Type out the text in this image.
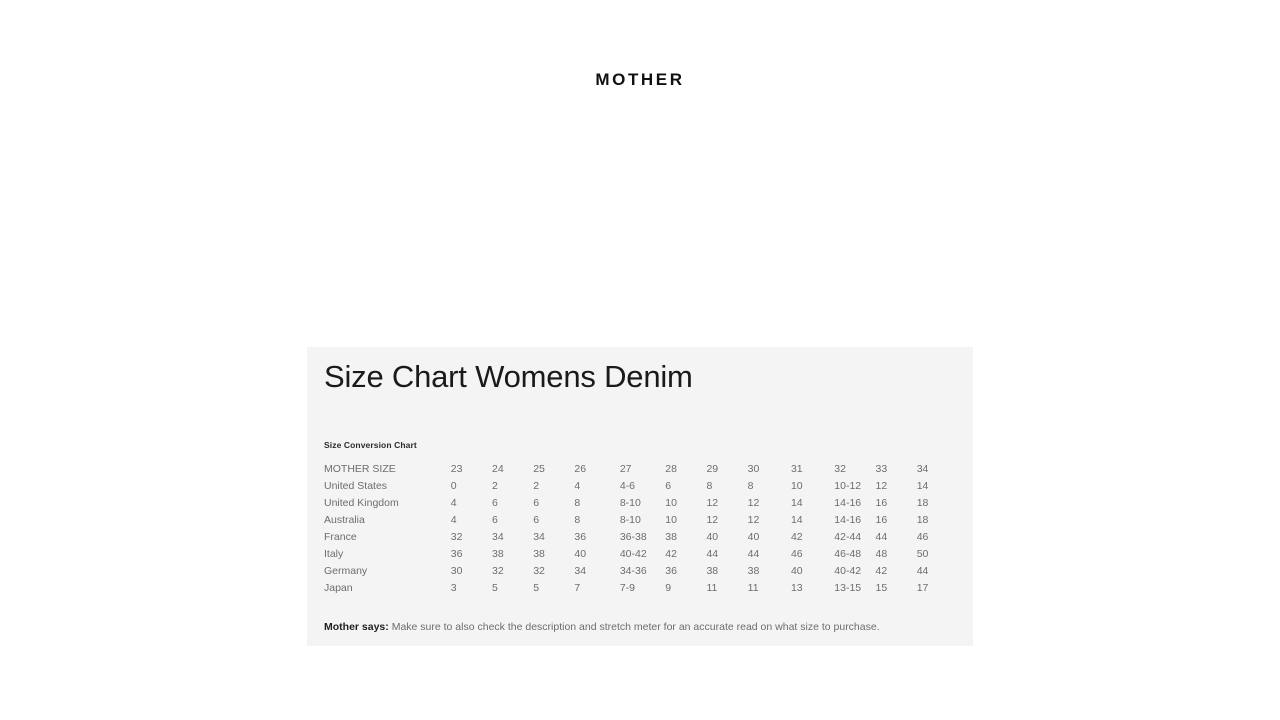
MOTHER
Size Chart Womens Denim
Size Conversion Chart
MOTHER SIZE	23	24	25	26	27	28	29	30	31	32	33	34
United States	0	2	2	4	4-6	6	8	8	10	10-12	12	14
United Kingdom	4	6	6	8	8-10	10	12	12	14	14-16	16	18
Australia	4	6	6	8	8-10	10	12	12	14	14-16	16	18
France	32	34	34	36	36-38	38	40	40	42	42-44	44	46
Italy	36	38	38	40	40-42	42	44	44	46	46-48	48	50
Germany	30	32	32	34	34-36	36	38	38	40	40-42	42	44
Japan	3	5	5	7	7-9	9	11	11	13	13-15	15	17
Mother says: Make sure to also check the description and stretch meter for an accurate read on what size to purchase.
